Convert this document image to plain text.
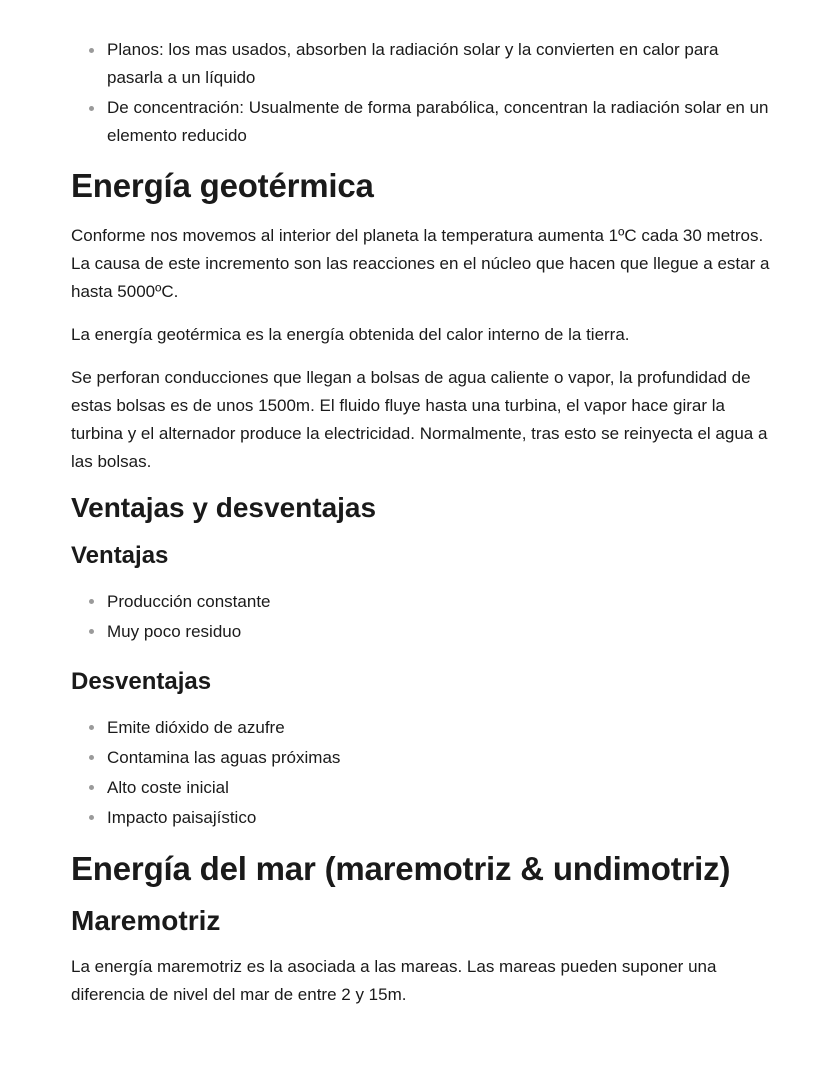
Planos: los mas usados, absorben la radiación solar y la convierten en calor para pasarla a un líquido
De concentración: Usualmente de forma parabólica, concentran la radiación solar en un elemento reducido
Energía geotérmica

Conforme nos movemos al interior del planeta la temperatura aumenta 1ºC cada 30 metros. La causa de este incremento son las reacciones en el núcleo que hacen que llegue a estar a hasta 5000ºC.

La energía geotérmica es la energía obtenida del calor interno de la tierra.

Se perforan conducciones que llegan a bolsas de agua caliente o vapor, la profundidad de estas bolsas es de unos 1500m. El fluido fluye hasta una turbina, el vapor hace girar la turbina y el alternador produce la electricidad. Normalmente, tras esto se reinyecta el agua a las bolsas.

Ventajas y desventajas
Ventajas
Producción constante
Muy poco residuo
Desventajas
Emite dióxido de azufre
Contamina las aguas próximas
Alto coste inicial
Impacto paisajístico
Energía del mar (maremotriz & undimotriz)
Maremotriz

La energía maremotriz es la asociada a las mareas. Las mareas pueden suponer una diferencia de nivel del mar de entre 2 y 15m.
